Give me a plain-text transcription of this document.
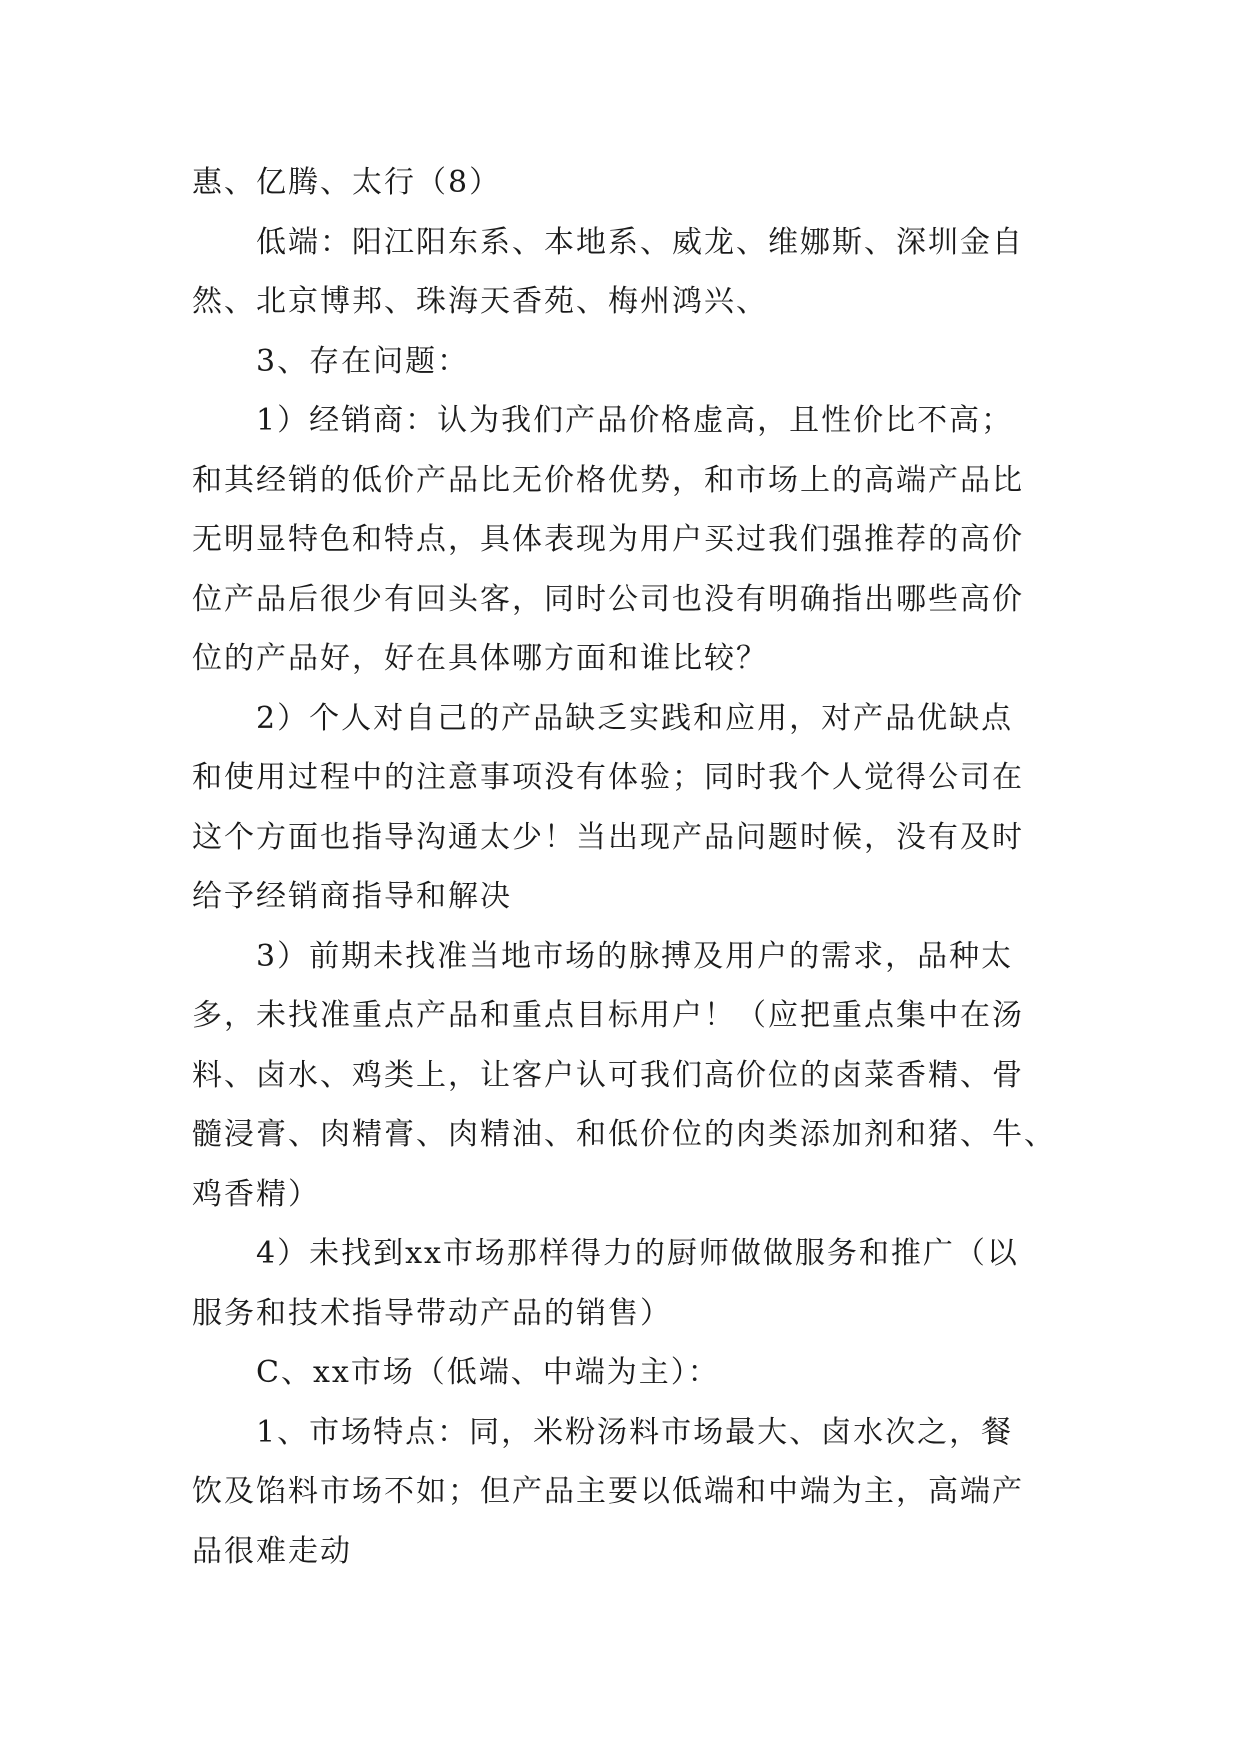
惠、亿腾、太行（8）
低端：阳江阳东系、本地系、威龙、维娜斯、深圳金自
然、北京博邦、珠海天香苑、梅州鸿兴、
3、存在问题：
1）经销商：认为我们产品价格虚高，且性价比不高；
和其经销的低价产品比无价格优势，和市场上的高端产品比
无明显特色和特点，具体表现为用户买过我们强推荐的高价
位产品后很少有回头客，同时公司也没有明确指出哪些高价
位的产品好，好在具体哪方面和谁比较？
2）个人对自己的产品缺乏实践和应用，对产品优缺点
和使用过程中的注意事项没有体验；同时我个人觉得公司在
这个方面也指导沟通太少！当出现产品问题时候，没有及时
给予经销商指导和解决
3）前期未找准当地市场的脉搏及用户的需求，品种太
多，未找准重点产品和重点目标用户！（应把重点集中在汤
料、卤水、鸡类上，让客户认可我们高价位的卤菜香精、骨
髓浸膏、肉精膏、肉精油、和低价位的肉类添加剂和猪、牛、
鸡香精）
4）未找到xx市场那样得力的厨师做做服务和推广（以
服务和技术指导带动产品的销售）
C、xx市场（低端、中端为主）：
1、市场特点：同，米粉汤料市场最大、卤水次之，餐
饮及馅料市场不如；但产品主要以低端和中端为主，高端产
品很难走动
